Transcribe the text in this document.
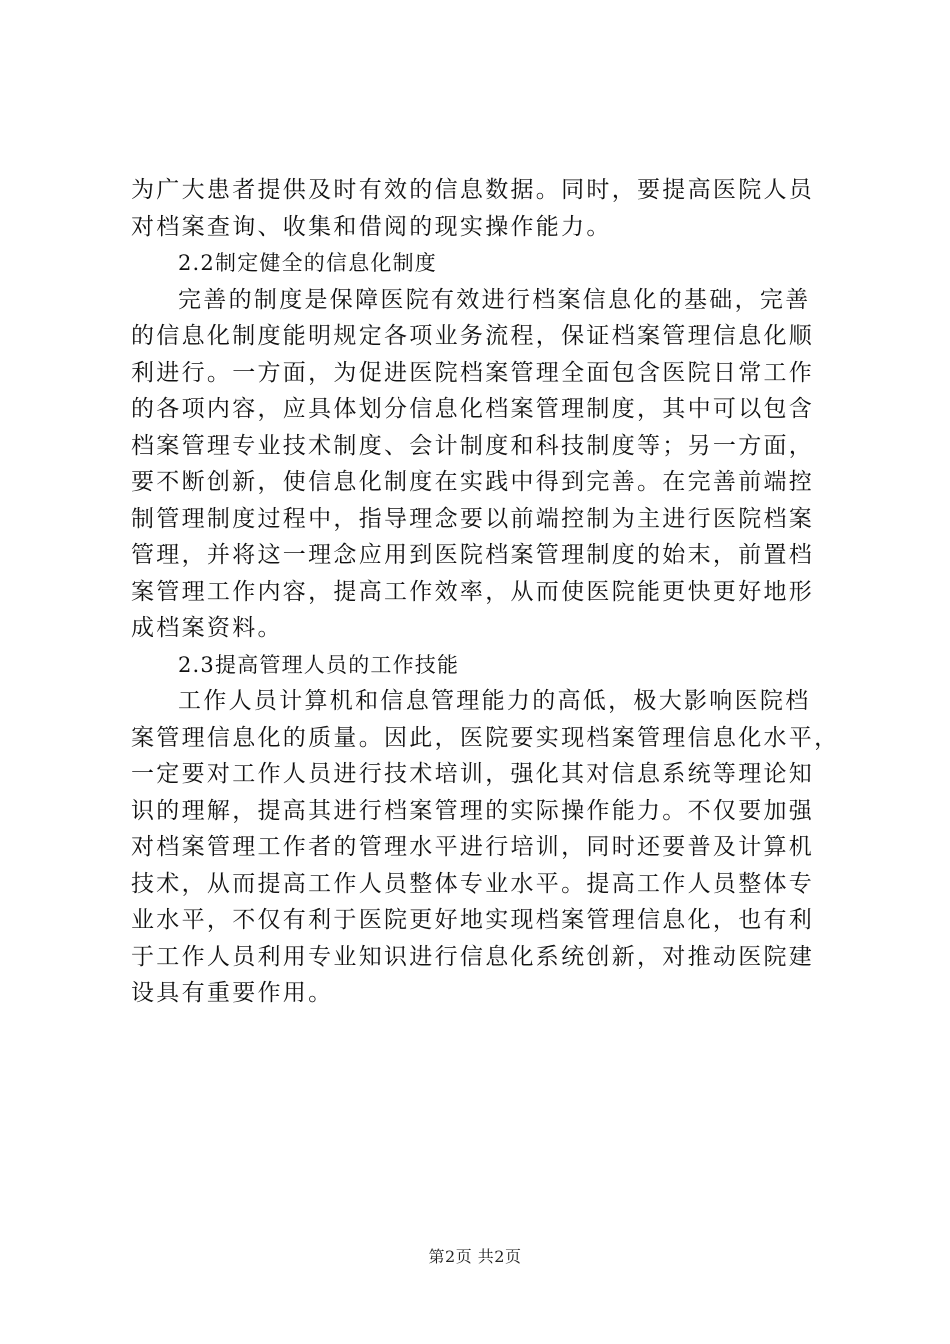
为广大患者提供及时有效的信息数据。同时，要提高医院人员
对档案查询、收集和借阅的现实操作能力。
2.2制定健全的信息化制度
完善的制度是保障医院有效进行档案信息化的基础，完善
的信息化制度能明规定各项业务流程，保证档案管理信息化顺
利进行。一方面，为促进医院档案管理全面包含医院日常工作
的各项内容，应具体划分信息化档案管理制度，其中可以包含
档案管理专业技术制度、会计制度和科技制度等；另一方面，
要不断创新，使信息化制度在实践中得到完善。在完善前端控
制管理制度过程中，指导理念要以前端控制为主进行医院档案
管理，并将这一理念应用到医院档案管理制度的始末，前置档
案管理工作内容，提高工作效率，从而使医院能更快更好地形
成档案资料。
2.3提高管理人员的工作技能
工作人员计算机和信息管理能力的高低，极大影响医院档
案管理信息化的质量。因此，医院要实现档案管理信息化水平，
一定要对工作人员进行技术培训，强化其对信息系统等理论知
识的理解，提高其进行档案管理的实际操作能力。不仅要加强
对档案管理工作者的管理水平进行培训，同时还要普及计算机
技术，从而提高工作人员整体专业水平。提高工作人员整体专
业水平，不仅有利于医院更好地实现档案管理信息化，也有利
于工作人员利用专业知识进行信息化系统创新，对推动医院建
设具有重要作用。
第2页 共2页
